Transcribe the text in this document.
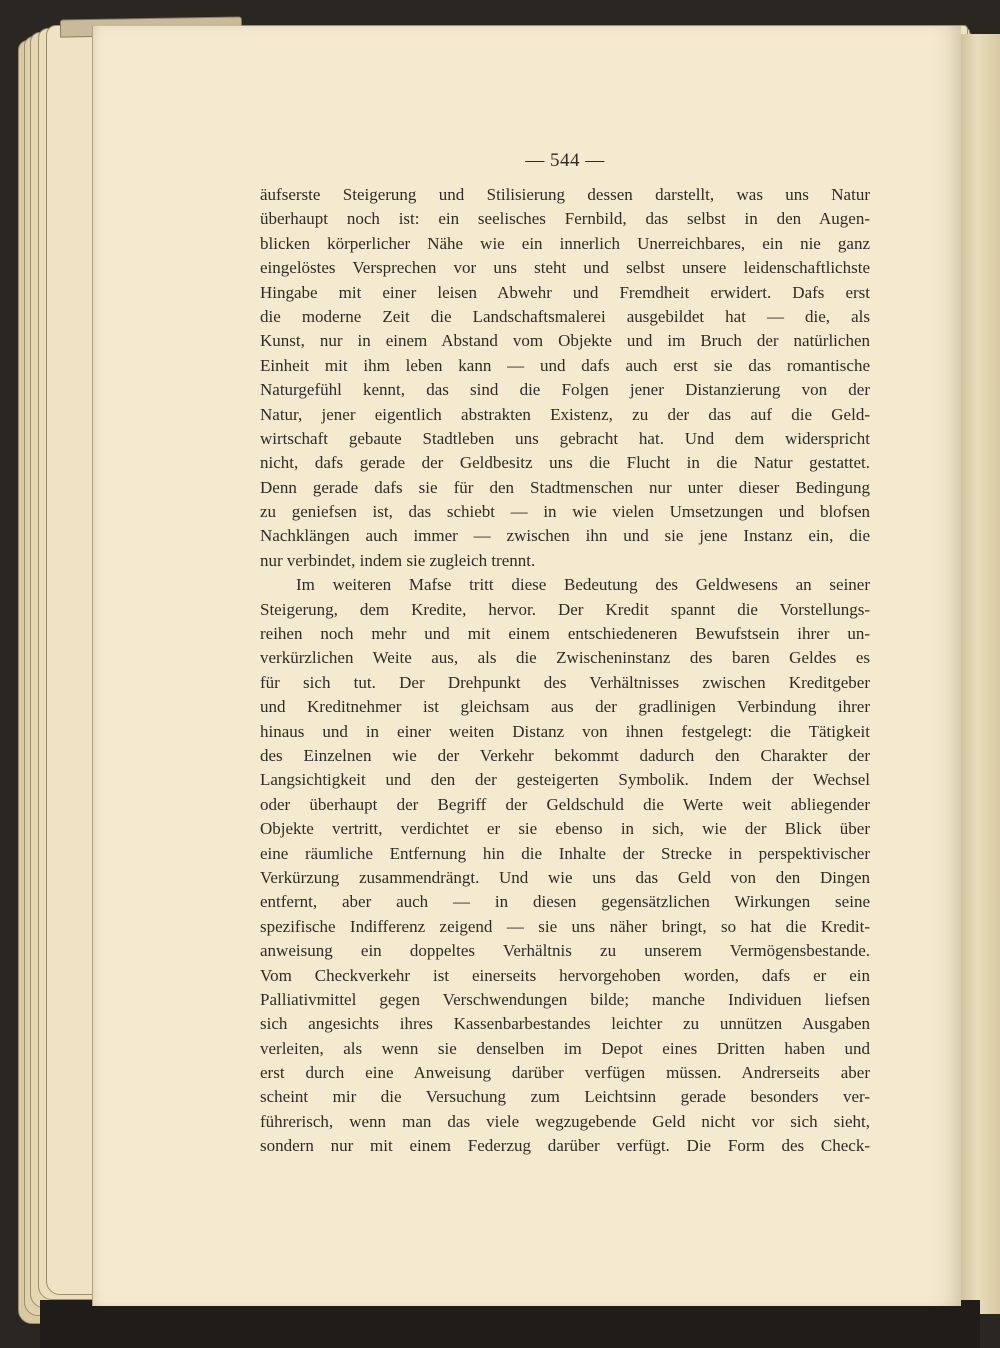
— 544 —
äufserste Steigerung und Stilisierung dessen darstellt, was uns Natur
überhaupt noch ist: ein seelisches Fernbild, das selbst in den Augen-
blicken körperlicher Nähe wie ein innerlich Unerreichbares, ein nie ganz
eingelöstes Versprechen vor uns steht und selbst unsere leidenschaftlichste
Hingabe mit einer leisen Abwehr und Fremdheit erwidert. Dafs erst
die moderne Zeit die Landschaftsmalerei ausgebildet hat — die, als
Kunst, nur in einem Abstand vom Objekte und im Bruch der natürlichen
Einheit mit ihm leben kann — und dafs auch erst sie das romantische
Naturgefühl kennt, das sind die Folgen jener Distanzierung von der
Natur, jener eigentlich abstrakten Existenz, zu der das auf die Geld-
wirtschaft gebaute Stadtleben uns gebracht hat. Und dem widerspricht
nicht, dafs gerade der Geldbesitz uns die Flucht in die Natur gestattet.
Denn gerade dafs sie für den Stadtmenschen nur unter dieser Bedingung
zu geniefsen ist, das schiebt — in wie vielen Umsetzungen und blofsen
Nachklängen auch immer — zwischen ihn und sie jene Instanz ein, die
nur verbindet, indem sie zugleich trennt.
Im weiteren Mafse tritt diese Bedeutung des Geldwesens an seiner
Steigerung, dem Kredite, hervor. Der Kredit spannt die Vorstellungs-
reihen noch mehr und mit einem entschiedeneren Bewufstsein ihrer un-
verkürzlichen Weite aus, als die Zwischeninstanz des baren Geldes es
für sich tut. Der Drehpunkt des Verhältnisses zwischen Kreditgeber
und Kreditnehmer ist gleichsam aus der gradlinigen Verbindung ihrer
hinaus und in einer weiten Distanz von ihnen festgelegt: die Tätigkeit
des Einzelnen wie der Verkehr bekommt dadurch den Charakter der
Langsichtigkeit und den der gesteigerten Symbolik. Indem der Wechsel
oder überhaupt der Begriff der Geldschuld die Werte weit abliegender
Objekte vertritt, verdichtet er sie ebenso in sich, wie der Blick über
eine räumliche Entfernung hin die Inhalte der Strecke in perspektivischer
Verkürzung zusammendrängt. Und wie uns das Geld von den Dingen
entfernt, aber auch — in diesen gegensätzlichen Wirkungen seine
spezifische Indifferenz zeigend — sie uns näher bringt, so hat die Kredit-
anweisung ein doppeltes Verhältnis zu unserem Vermögensbestande.
Vom Checkverkehr ist einerseits hervorgehoben worden, dafs er ein
Palliativmittel gegen Verschwendungen bilde; manche Individuen liefsen
sich angesichts ihres Kassenbarbestandes leichter zu unnützen Ausgaben
verleiten, als wenn sie denselben im Depot eines Dritten haben und
erst durch eine Anweisung darüber verfügen müssen. Andrerseits aber
scheint mir die Versuchung zum Leichtsinn gerade besonders ver-
führerisch, wenn man das viele wegzugebende Geld nicht vor sich sieht,
sondern nur mit einem Federzug darüber verfügt. Die Form des Check-
